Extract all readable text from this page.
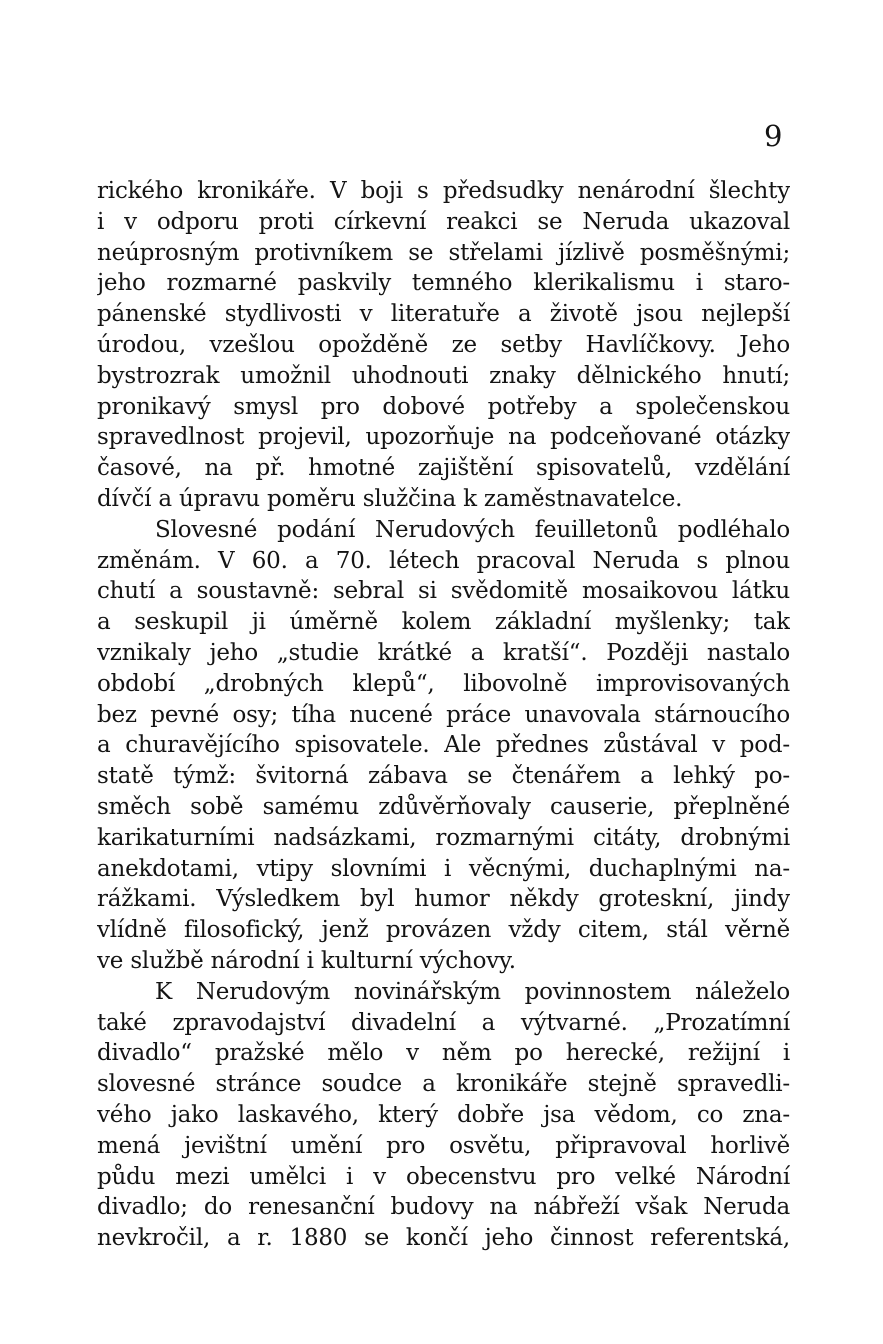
9
rického kronikáře. V boji s předsudky nenárodní šlechty
i v odporu proti církevní reakci se Neruda ukazoval
neúprosným protivníkem se střelami jízlivě posměšnými;
jeho rozmarné paskvily temného klerikalismu i staro-
pánenské stydlivosti v literatuře a životě jsou nejlepší
úrodou, vzešlou opožděně ze setby Havlíčkovy. Jeho
bystrozrak umožnil uhodnouti znaky dělnického hnutí;
pronikavý smysl pro dobové potřeby a společenskou
spravedlnost projevil, upozorňuje na podceňované otázky
časové, na př. hmotné zajištění spisovatelů, vzdělání
dívčí a úpravu poměru služčina k zaměstnavatelce.
Slovesné podání Nerudových feuilletonů podléhalo
změnám. V 60. a 70. létech pracoval Neruda s plnou
chutí a soustavně: sebral si svědomitě mosaikovou látku
a seskupil ji úměrně kolem základní myšlenky; tak
vznikaly jeho „studie krátké a kratší“. Později nastalo
období „drobných klepů“, libovolně improvisovaných
bez pevné osy; tíha nucené práce unavovala stárnoucího
a churavějícího spisovatele. Ale přednes zůstával v pod-
statě týmž: švitorná zábava se čtenářem a lehký po-
směch sobě samému zdůvěrňovaly causerie, přeplněné
karikaturními nadsázkami, rozmarnými citáty, drobnými
anekdotami, vtipy slovními i věcnými, duchaplnými na-
rážkami. Výsledkem byl humor někdy groteskní, jindy
vlídně filosofický, jenž provázen vždy citem, stál věrně
ve službě národní i kulturní výchovy.
K Nerudovým novinářským povinnostem náleželo
také zpravodajství divadelní a výtvarné. „Prozatímní
divadlo“ pražské mělo v něm po herecké, režijní i
slovesné stránce soudce a kronikáře stejně spravedli-
vého jako laskavého, který dobře jsa vědom, co zna-
mená jevištní umění pro osvětu, připravoval horlivě
půdu mezi umělci i v obecenstvu pro velké Národní
divadlo; do renesanční budovy na nábřeží však Neruda
nevkročil, a r. 1880 se končí jeho činnost referentská,
